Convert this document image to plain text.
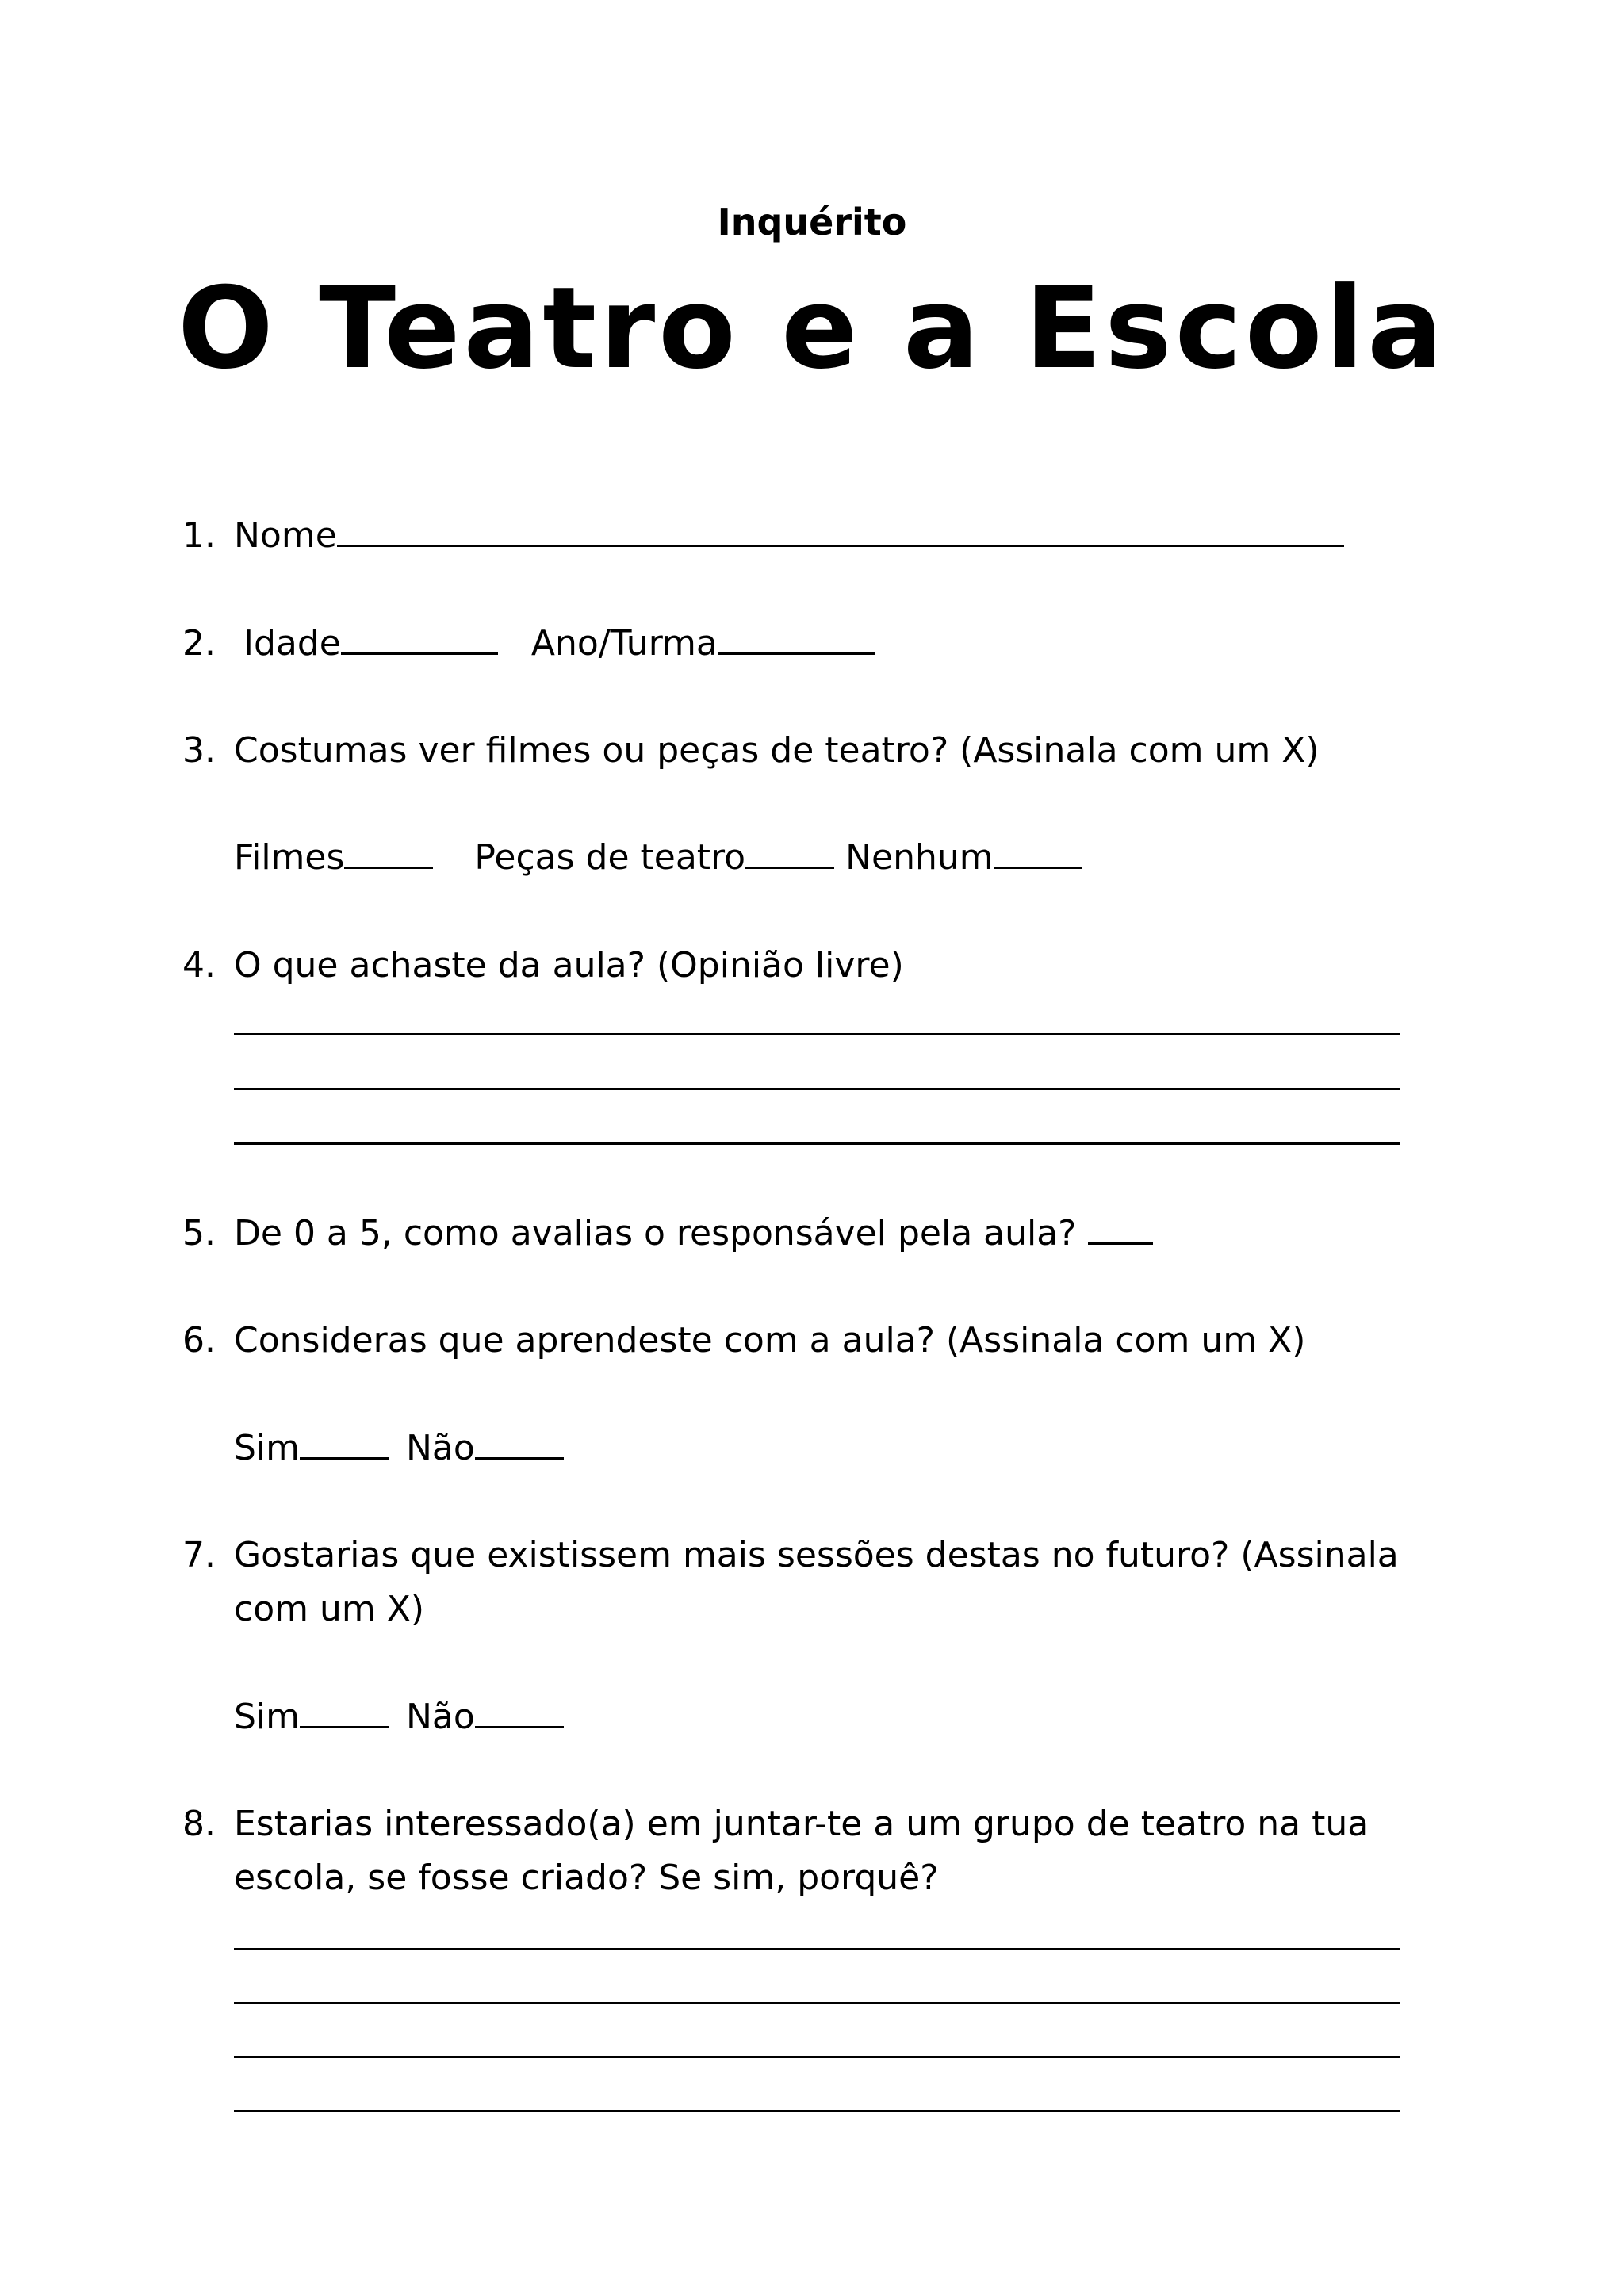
Inquérito
O Teatro e a Escola
1. Nome
2. Idade	Ano/Turma
3. Costumas ver filmes ou peças de teatro? (Assinala com um X)
Filmes	Peças de teatro	Nenhum
4. O que achaste da aula? (Opinião livre)
5. De 0 a 5, como avalias o responsável pela aula?
6. Consideras que aprendeste com a aula? (Assinala com um X)
Sim	Não
7. Gostarias que existissem mais sessões destas no futuro? (Assinala
com um X)
Sim	Não
8. Estarias interessado(a) em juntar-te a um grupo de teatro na tua
escola, se fosse criado? Se sim, porquê?
